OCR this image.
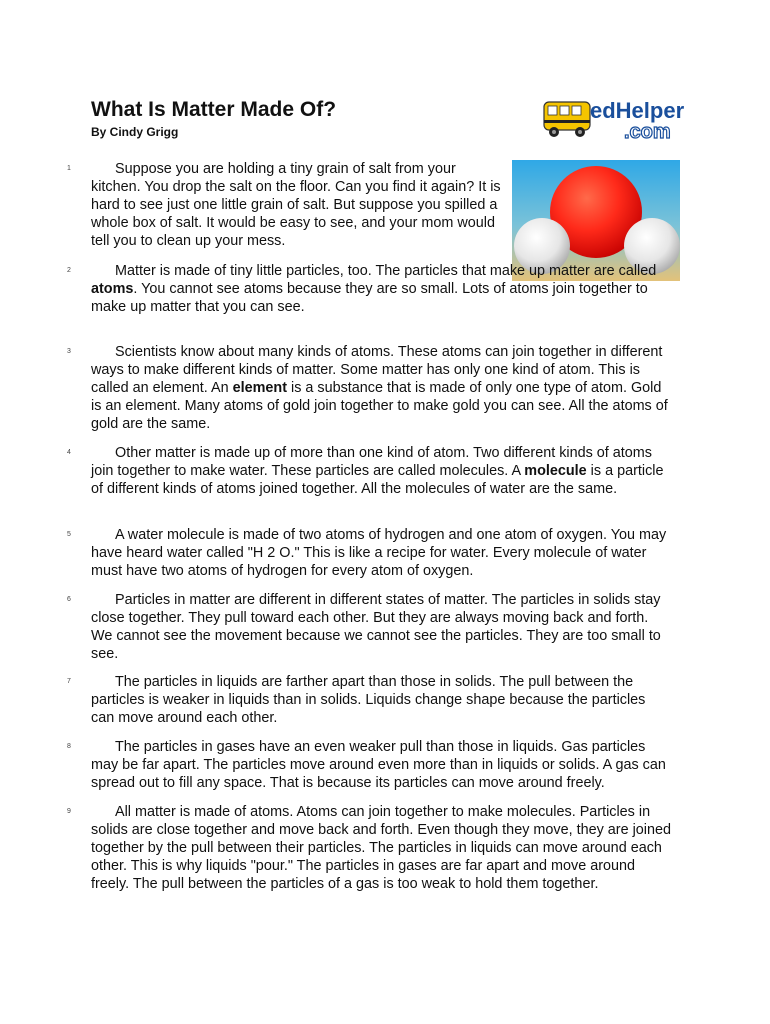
What Is Matter Made Of?
By Cindy Grigg
edHelper
.com

1	Suppose you are holding a tiny grain of salt from your kitchen. You drop the salt on the floor. Can you find it again? It is hard to see just one little grain of salt. But suppose you spilled a whole box of salt. It would be easy to see, and your mom would tell you to clean up your mess.

2	Matter is made of tiny little particles, too. The particles that make up matter are called atoms. You cannot see atoms because they are so small. Lots of atoms join together to make up matter that you can see.

3	Scientists know about many kinds of atoms. These atoms can join together in different ways to make different kinds of matter. Some matter has only one kind of atom. This is called an element. An element is a substance that is made of only one type of atom. Gold is an element. Many atoms of gold join together to make gold you can see. All the atoms of gold are the same.

4	Other matter is made up of more than one kind of atom. Two different kinds of atoms join together to make water. These particles are called molecules. A molecule is a particle of different kinds of atoms joined together. All the molecules of water are the same.

5	A water molecule is made of two atoms of hydrogen and one atom of oxygen. You may have heard water called "H 2 O." This is like a recipe for water. Every molecule of water must have two atoms of hydrogen for every atom of oxygen.

6	Particles in matter are different in different states of matter. The particles in solids stay close together. They pull toward each other. But they are always moving back and forth. We cannot see the movement because we cannot see the particles. They are too small to see.

7	The particles in liquids are farther apart than those in solids. The pull between the particles is weaker in liquids than in solids. Liquids change shape because the particles can move around each other.

8	The particles in gases have an even weaker pull than those in liquids. Gas particles may be far apart. The particles move around even more than in liquids or solids. A gas can spread out to fill any space. That is because its particles can move around freely.

9	All matter is made of atoms. Atoms can join together to make molecules. Particles in solids are close together and move back and forth. Even though they move, they are joined together by the pull between their particles. The particles in liquids can move around each other. This is why liquids "pour." The particles in gases are far apart and move around freely. The pull between the particles of a gas is too weak to hold them together.
